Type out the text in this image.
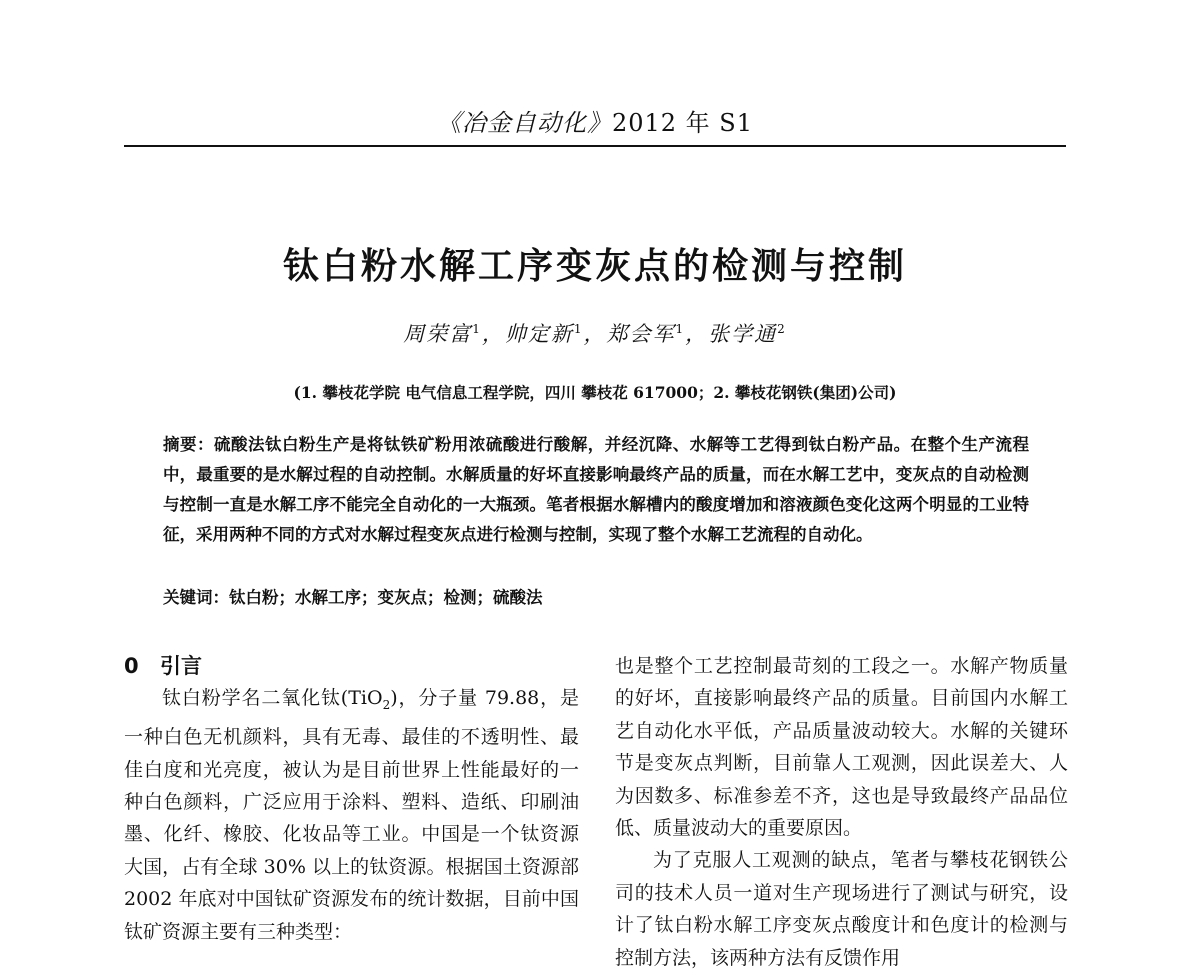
《冶金自动化》2012 年 S1
钛白粉水解工序变灰点的检测与控制
周荣富$^1$，帅定新$^1$，郑会军$^1$，张学通$^2$
(1. 攀枝花学院 电气信息工程学院，四川 攀枝花 617000；2. 攀枝花钢铁(集团)公司)
摘要：硫酸法钛白粉生产是将钛铁矿粉用浓硫酸进行酸解，并经沉降、水解等工艺得到钛白粉产品。在整个生产流程中，最重要的是水解过程的自动控制。水解质量的好坏直接影响最终产品的质量，而在水解工艺中，变灰点的自动检测与控制一直是水解工序不能完全自动化的一大瓶颈。笔者根据水解槽内的酸度增加和溶液颜色变化这两个明显的工业特征，采用两种不同的方式对水解过程变灰点进行检测与控制，实现了整个水解工艺流程的自动化。
关键词：钛白粉；水解工序；变灰点；检测；硫酸法
0 引言

钛白粉学名二氧化钛(TiO$_2$)，分子量 79.88，是一种白色无机颜料，具有无毒、最佳的不透明性、最佳白度和光亮度，被认为是目前世界上性能最好的一种白色颜料，广泛应用于涂料、塑料、造纸、印刷油墨、化纤、橡胶、化妆品等工业。中国是一个钛资源大国，占有全球 30% 以上的钛资源。根据国土资源部 2002 年底对中国钛矿资源发布的统计数据，目前中国钛矿资源主要有三种类型：

也是整个工艺控制最苛刻的工段之一。水解产物质量的好坏，直接影响最终产品的质量。目前国内水解工艺自动化水平低，产品质量波动较大。水解的关键环节是变灰点判断，目前靠人工观测，因此误差大、人为因数多、标准参差不齐，这也是导致最终产品品位低、质量波动大的重要原因。

为了克服人工观测的缺点，笔者与攀枝花钢铁公司的技术人员一道对生产现场进行了测试与研究，设计了钛白粉水解工序变灰点酸度计和色度计的检测与控制方法，该两种方法有反馈作用
